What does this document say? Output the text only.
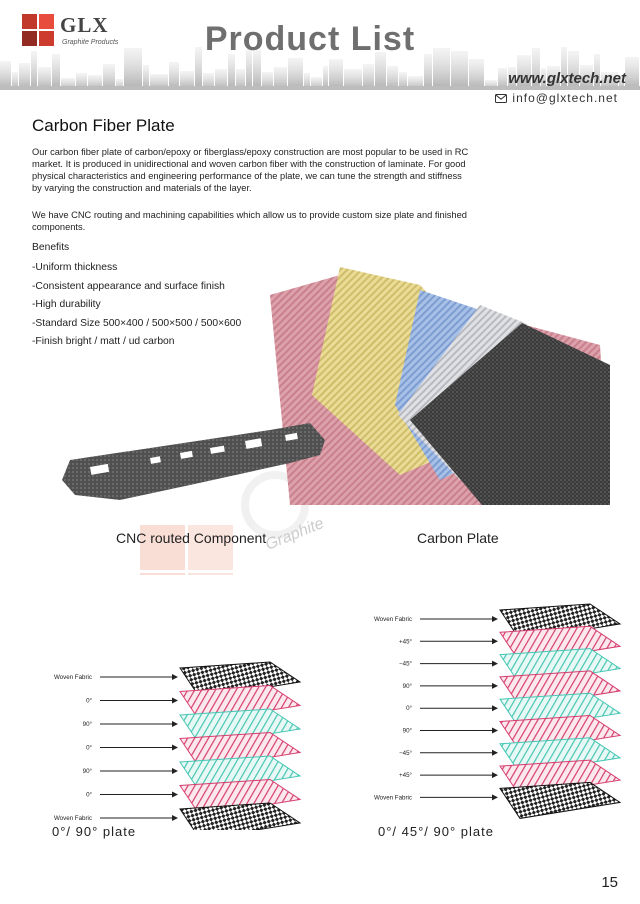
GLX
Graphite Products	Product List
www.glxtech.net
info@glxtech.net
Carbon Fiber Plate
Our carbon fiber plate of carbon/epoxy or fiberglass/epoxy construction are most popular to be used in RC market. It is produced in unidirectional and woven carbon fiber with the construction of laminate. For good physical characteristics and engineering performance of the plate, we can tune the strength and stiffness by varying the construction and materials of the layer.
We have CNC routing and machining capabilities which allow us to provide custom size plate and finished components.
Graphite
Benefits
-Uniform thickness
-Consistent appearance and surface finish
-High durability
-Standard Size 500×400 / 500×500 / 500×600
-Finish bright / matt / ud carbon
CNC routed Component	Carbon Plate
Woven Fabric
0°
90°
0°
90°
0°
Woven Fabric
Woven Fabric
+45°
−45°
90°
0°
90°
−45°
+45°
Woven Fabric
0°/ 90° plate	0°/ 45°/ 90° plate
15
